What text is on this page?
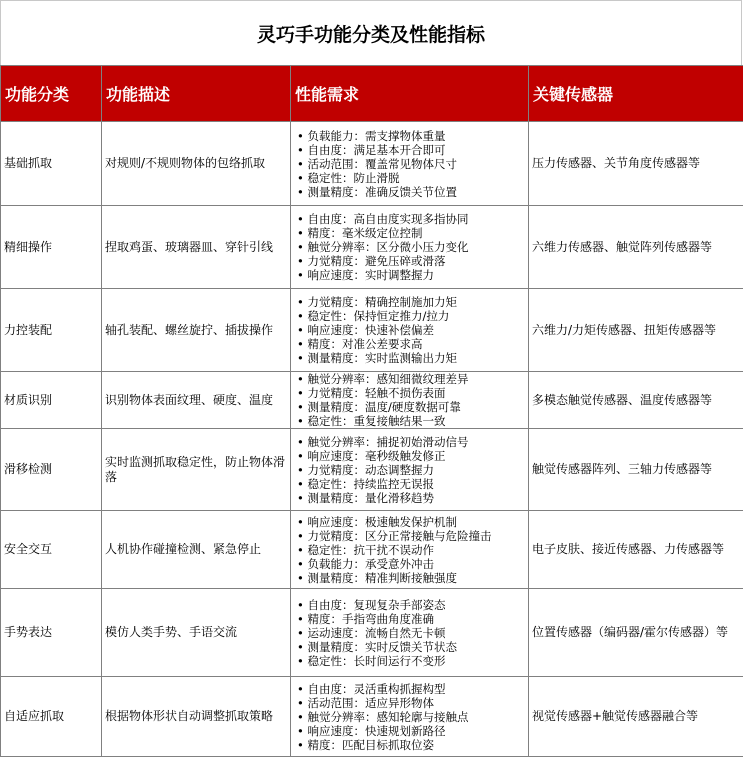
灵巧手功能分类及性能指标
功能分类	功能描述	性能需求	关键传感器
基础抓取	对规则/不规则物体的包络抓取	• 负载能力：需支撑物体重量
• 自由度：满足基本开合即可
• 活动范围：覆盖常见物体尺寸
• 稳定性：防止滑脱
• 测量精度：准确反馈关节位置	压力传感器、关节角度传感器等
精细操作	捏取鸡蛋、玻璃器皿、穿针引线	• 自由度：高自由度实现多指协同
• 精度：毫米级定位控制
• 触觉分辨率：区分微小压力变化
• 力觉精度：避免压碎或滑落
• 响应速度：实时调整握力	六维力传感器、触觉阵列传感器等
力控装配	轴孔装配、螺丝旋拧、插拔操作	• 力觉精度：精确控制施加力矩
• 稳定性：保持恒定推力/拉力
• 响应速度：快速补偿偏差
• 精度：对准公差要求高
• 测量精度：实时监测输出力矩	六维力/力矩传感器、扭矩传感器等
材质识别	识别物体表面纹理、硬度、温度	• 触觉分辨率：感知细微纹理差异
• 力觉精度：轻触不损伤表面
• 测量精度：温度/硬度数据可靠
• 稳定性：重复接触结果一致	多模态触觉传感器、温度传感器等
滑移检测	实时监测抓取稳定性，防止物体滑落	• 触觉分辨率：捕捉初始滑动信号
• 响应速度：毫秒级触发修正
• 力觉精度：动态调整握力
• 稳定性：持续监控无误报
• 测量精度：量化滑移趋势	触觉传感器阵列、三轴力传感器等
安全交互	人机协作碰撞检测、紧急停止	• 响应速度：极速触发保护机制
• 力觉精度：区分正常接触与危险撞击
• 稳定性：抗干扰不误动作
• 负载能力：承受意外冲击
• 测量精度：精准判断接触强度	电子皮肤、接近传感器、力传感器等
手势表达	模仿人类手势、手语交流	• 自由度：复现复杂手部姿态
• 精度：手指弯曲角度准确
• 运动速度：流畅自然无卡顿
• 测量精度：实时反馈关节状态
• 稳定性：长时间运行不变形	位置传感器（编码器/霍尔传感器）等
自适应抓取	根据物体形状自动调整抓取策略	• 自由度：灵活重构抓握构型
• 活动范围：适应异形物体
• 触觉分辨率：感知轮廓与接触点
• 响应速度：快速规划新路径
• 精度：匹配目标抓取位姿	视觉传感器+触觉传感器融合等
